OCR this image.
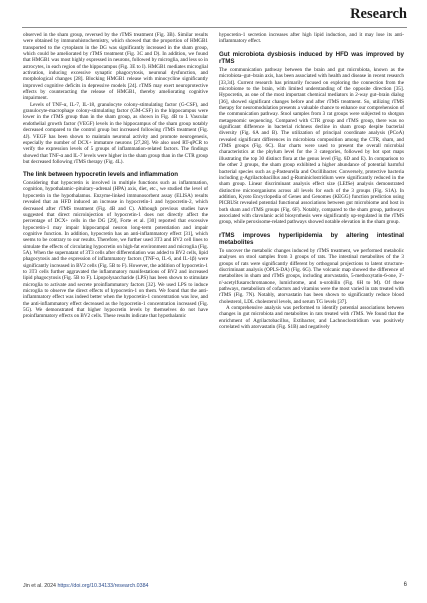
Research

observed in the sham group, reversed by the rTMS treatment (Fig. 3B). Similar results were obtained by immunohistochemistry, which showed that the proportion of HMGB1 transported to the cytoplasm in the DG was significantly increased in the sham group, which could be ameliorated by rTMS treatment (Fig. 3C and D). In addition, we found that HMGB1 was most highly expressed in neurons, followed by microglia, and less so in astrocytes, in each region of the hippocampus (Fig. 3E to I). HMGB1 mediates microglial activation, inducing excessive synaptic phagocytosis, neuronal dysfunction, and morphological changes [28]. Blocking HMGB1 release with minocycline significantly improved cognitive deficits in depressive models [24]. rTMS may exert neuroprotective effects by counteracting the release of HMGB1, thereby ameliorating cognitive impairment.

Levels of TNF-α, IL-7, IL-18, granulocyte colony-stimulating factor (G-CSF), and granulocyte-macrophage colony-stimulating factor (GM-CSF) in the hippocampus were lower in the rTMS group than in the sham group, as shown in Fig. 4B to I. Vascular endothelial growth factor (VEGF) levels in the hippocampus of the sham group notably decreased compared to the control group but increased following rTMS treatment (Fig. 4J). VEGF has been shown to maintain neuronal activity and promote neurogenesis, especially the number of DCX+ immature neurons [27,28]. We also used RT-qPCR to verify the expression levels of 5 groups of inflammation-related factors. The findings showed that TNF-α and IL-7 levels were higher in the sham group than in the CTR group but decreased following rTMS therapy (Fig. 4L).

The link between hypocretin levels and inflammation

Considering that hypocretin is involved in multiple functions such as inflammation, cognition, hypothalamic–pituitary–adrenal (HPA) axis, diet, etc., we studied the level of hypocretin in the hypothalamus. Enzyme-linked immunosorbent assay (ELISA) results revealed that an HFD induced an increase in hypocretin-1 and hypocretin-2, which decreased after rTMS treatment (Fig. 4B and C). Although previous studies have suggested that direct microinjection of hypocretin-1 does not directly affect the percentage of DCX+ cells in the DG [29], Forte et al. [30] reported that excessive hypocretin-1 may impair hippocampal neuron long-term potentiation and impair cognitive function. In addition, hypocretin has an anti-inflammatory effect [31], which seems to be contrary to our results. Therefore, we further used 3T3 and BV2 cell lines to simulate the effects of circulating hypocretin on high-fat environment and microglia (Fig. 5A). When the supernatant of 3T3 cells after differentiation was added to BV2 cells, lipid phagocytosis and the expression of inflammatory factors (TNF-α, IL-6, and IL-1β) were significantly increased in BV2 cells (Fig. 5B to F). However, the addition of hypocretin-1 to 3T3 cells further aggravated the inflammatory manifestations of BV2 and increased lipid phagocytosis (Fig. 5B to F). Lipopolysaccharide (LPS) has been shown to stimulate microglia to activate and secrete proinflammatory factors [32]. We used LPS to induce microglia to observe the direct effects of hypocretin-1 on them. We found that the anti-inflammatory effect was indeed better when the hypocretin-1 concentration was low, and the anti-inflammatory effect decreased as the hypocretin-1 concentration increased (Fig. 5G). We demonstrated that higher hypocretin levels by themselves do not have proinflammatory effects on BV2 cells. These results indicate that hypothalamic

hypocretin-1 secretion increases after high lipid induction, and it may lose its anti-inflammatory effect.

Gut microbiota dysbiosis induced by HFD was improved by rTMS

The communication pathway between the brain and gut microbiota, known as the microbiota–gut–brain axis, has been associated with health and disease in recent research [33,34]. Current research has primarily focused on exploring the connection from the microbiome to the brain, with limited understanding of the opposite direction [35]. Hypocretin, as one of the most important chemical mediators in 2-way gut–brain dialog [36], showed significant changes before and after rTMS treatment. So, utilizing rTMS therapy for neuromodulation presents a valuable chance to enhance our comprehension of the communication pathway. Stool samples from 3 rat groups were subjected to shotgun metagenomic sequencing. Compared with CTR group and rTMS group, there was no significant difference in bacterial richness decline in sham group despite bacterial diversity (Fig. 6A and B). The utilization of principal coordinate analysis (PCoA) revealed significant differences in microbiota composition among the CTR, sham, and rTMS groups (Fig. 6C). Bar charts were used to present the overall microbial characteristics at the phylum level for the 3 categories, followed by hot spot maps illustrating the top 30 distinct flora at the genus level (Fig. 6D and E). In comparison to the other 2 groups, the sham group exhibited a higher abundance of potential harmful bacterial species such as g-Pasteurella and Oscillibacter. Conversely, protective bacteria including g-Agrilactobacillus and g-Ruminiclostridium were significantly reduced in the sham group. Linear discriminant analysis effect size (LEfSe) analysis demonstrated distinctive microorganisms across all levels for each of the 3 groups (Fig. S1A). In addition, Kyoto Encyclopedia of Genes and Genomes (KEGG) function prediction using PICRUSt revealed potential functional associations between gut microbiome and host in both sham and rTMS groups (Fig. 6F). Notably, compared to the sham group, pathways associated with clavulanic acid biosynthesis were significantly up-regulated in the rTMS group, while peroxisome-related pathways showed notable elevation in the sham group.

rTMS improves hyperlipidemia by altering intestinal metabolites

To uncover the metabolic changes induced by rTMS treatment, we performed metabolic analyses on stool samples from 3 groups of rats. The intestinal metabolites of the 3 groups of rats were significantly different by orthogonal projections to latent structure-discriminant analysis (OPLS-DA) (Fig. 6G). The volcanic map showed the difference of metabolites in sham and rTMS groups, including atorvastatin, 5-methoxytatin-6-one, 3'-n'-acetylfusarochromanone, lumichrome, and n-urobilin (Fig. 6H to M). Of these pathways, metabolism of cofactors and vitamins were the most varied in rats treated with rTMS (Fig. 7N). Notably, atorvastatin has been shown to significantly reduce blood cholesterol, LDL cholesterol levels, and serum TG levels [37].

A comprehensive analysis was performed to identify potential associations between changes in gut microbiota and metabolites in rats treated with rTMS. We found that the enrichment of Agrilactobacillus, Extibacter, and Lachnoclostridium was positively correlated with atorvastatin (Fig. S1B) and negatively

Jin et al. 2024 https://doi.org/10.34133/research.0384	6
